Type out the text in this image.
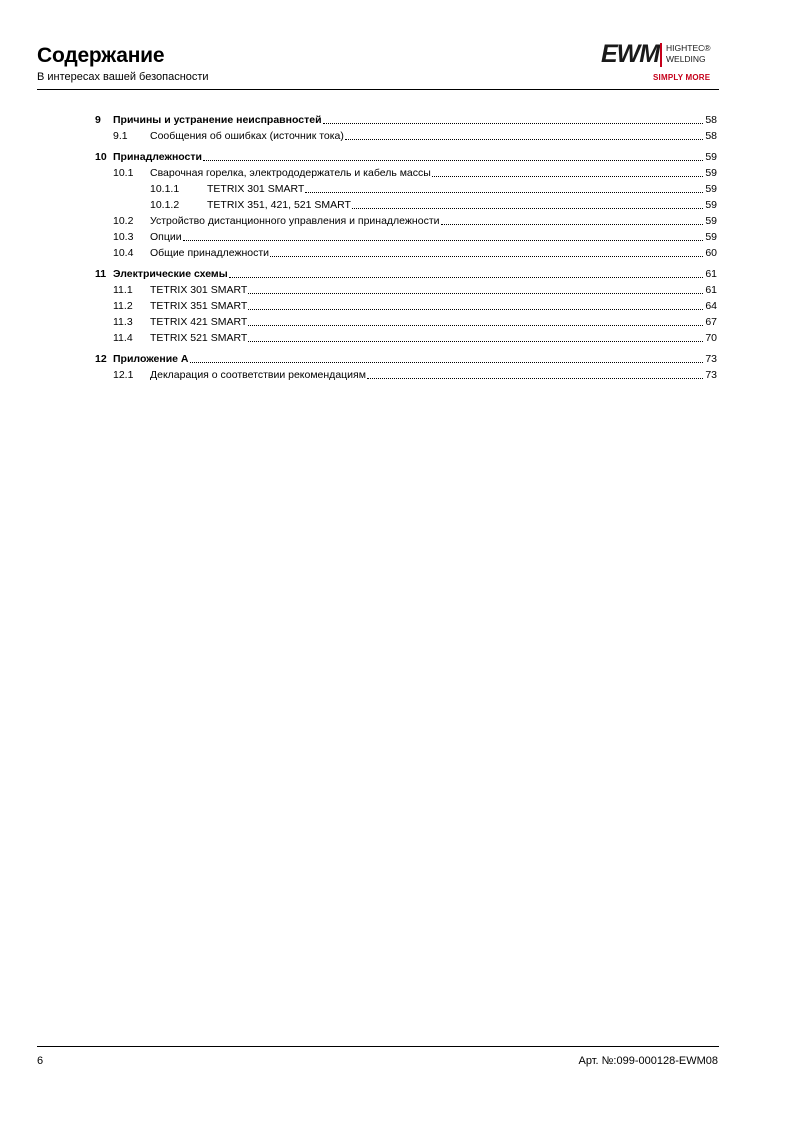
Содержание
В интересах вашей безопасности
EWM HIGHTEC®
WELDING
SIMPLY MORE
9	Причины и устранение неисправностей	58
9.1	Сообщения об ошибках (источник тока)	58
10 Принадлежности	59
10.1	Сварочная горелка, электрододержатель и кабель массы	59
10.1.1	TETRIX 301 SMART	59
10.1.2	TETRIX 351, 421, 521 SMART	59
10.2	Устройство дистанционного управления и принадлежности	59
10.3	Опции	59
10.4	Общие принадлежности	60
11 Электрические схемы	61
11.1	TETRIX 301 SMART	61
11.2	TETRIX 351 SMART	64
11.3	TETRIX 421 SMART	67
11.4	TETRIX 521 SMART	70
12 Приложение A	73
12.1	Декларация о соответствии рекомендациям	73
6	Арт. №:099-000128-EWM08
